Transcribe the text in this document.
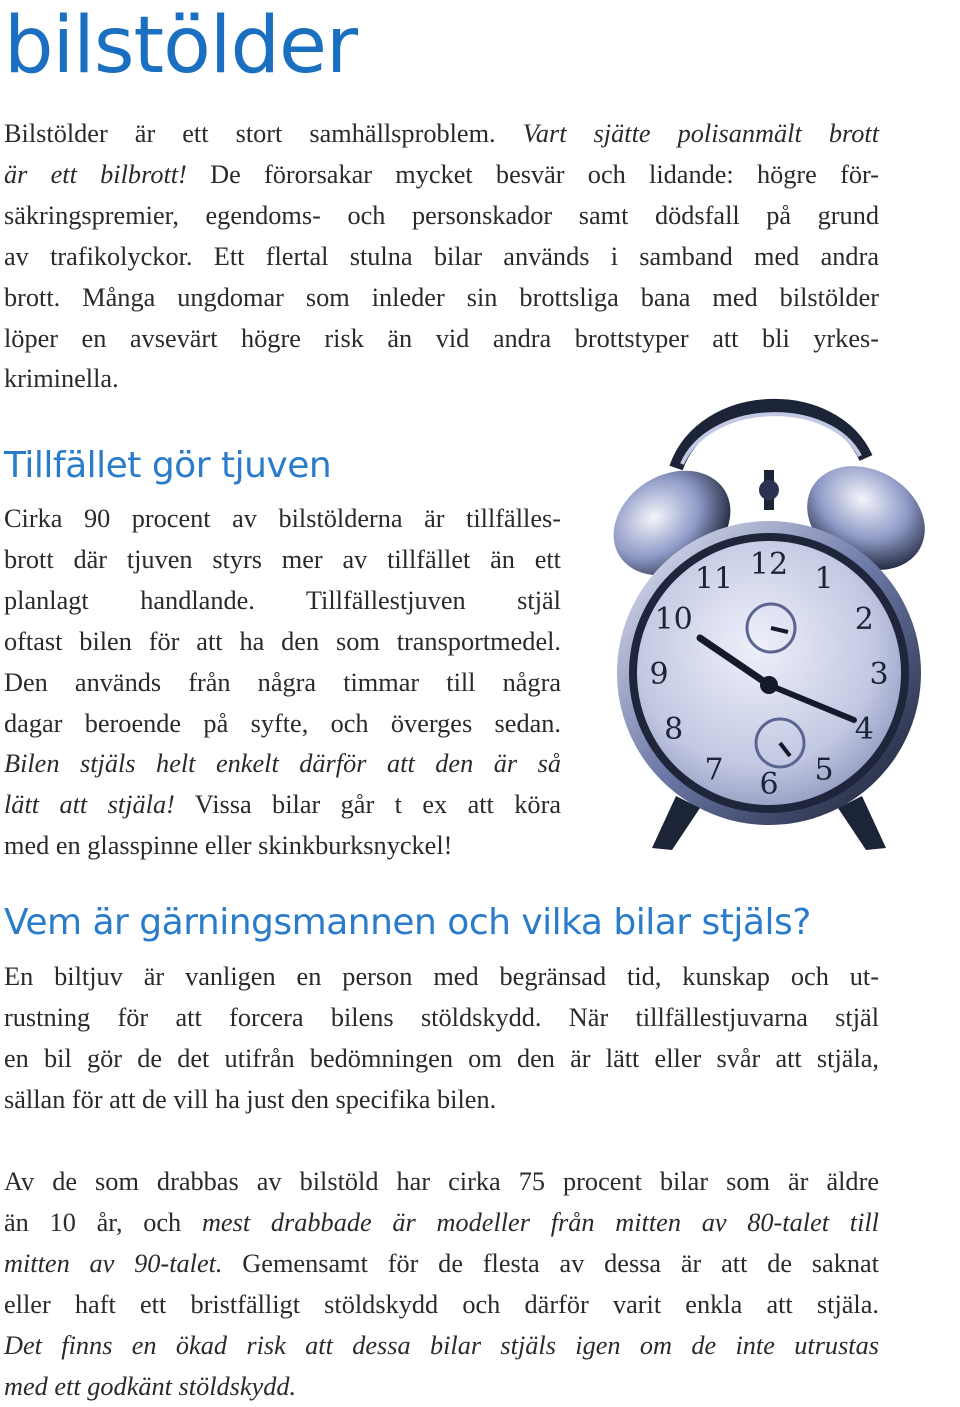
bilstölder
Bilstölder är ett stort samhällsproblem. Vart sjätte polisanmält brott
är ett bilbrott! De förorsakar mycket besvär och lidande: högre för-
säkringspremier, egendoms- och personskador samt dödsfall på grund
av trafikolyckor. Ett flertal stulna bilar används i samband med andra
brott. Många ungdomar som inleder sin brottsliga bana med bilstölder
löper en avsevärt högre risk än vid andra brottstyper att bli yrkes-
kriminella.
Tillfället gör tjuven
Cirka 90 procent av bilstölderna är tillfälles-
brott där tjuven styrs mer av tillfället än ett
planlagt handlande. Tillfällestjuven stjäl
oftast bilen för att ha den som transportmedel.
Den används från några timmar till några
dagar beroende på syfte, och överges sedan.
Bilen stjäls helt enkelt därför att den är så
lätt att stjäla! Vissa bilar går t ex att köra
med en glasspinne eller skinkburksnyckel!
12 1
2
3
4
5
6
7
8
9
10
11
Vem är gärningsmannen och vilka bilar stjäls?
En biltjuv är vanligen en person med begränsad tid, kunskap och ut-
rustning för att forcera bilens stöldskydd. När tillfällestjuvarna stjäl
en bil gör de det utifrån bedömningen om den är lätt eller svår att stjäla,
sällan för att de vill ha just den specifika bilen.
Av de som drabbas av bilstöld har cirka 75 procent bilar som är äldre
än 10 år, och mest drabbade är modeller från mitten av 80-talet till
mitten av 90-talet. Gemensamt för de flesta av dessa är att de saknat
eller haft ett bristfälligt stöldskydd och därför varit enkla att stjäla.
Det finns en ökad risk att dessa bilar stjäls igen om de inte utrustas
med ett godkänt stöldskydd.
